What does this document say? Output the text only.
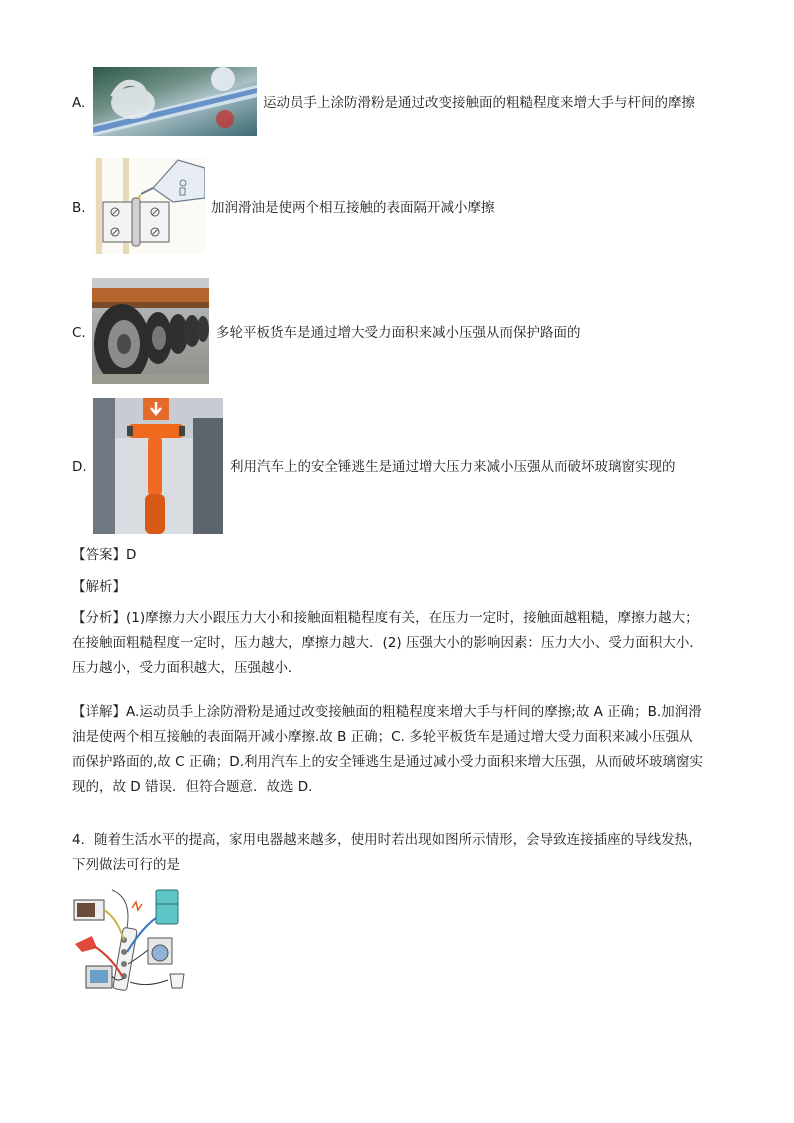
A.	运动员手上涂防滑粉是通过改变接触面的粗糙程度来增大手与杆间的摩擦
B.	加润滑油是使两个相互接触的表面隔开减小摩擦
C.	多轮平板货车是通过增大受力面积来减小压强从而保护路面的
D.	利用汽车上的安全锤逃生是通过增大压力来减小压强从而破坏玻璃窗实现的
【答案】D
【解析】
【分析】(1)摩擦力大小跟压力大小和接触面粗糙程度有关，在压力一定时，接触面越粗糙，摩擦力越大；
在接触面粗糙程度一定时，压力越大，摩擦力越大．(2) 压强大小的影响因素：压力大小、受力面积大小．
压力越小，受力面积越大，压强越小．
【详解】A.运动员手上涂防滑粉是通过改变接触面的粗糙程度来增大手与杆间的摩擦;故 A 正确；B.加润滑
油是使两个相互接触的表面隔开减小摩擦.故 B 正确；C. 多轮平板货车是通过增大受力面积来减小压强从
而保护路面的,故 C 正确；D.利用汽车上的安全锤逃生是通过减小受力面积来增大压强，从而破坏玻璃窗实
现的，故 D 错误．但符合题意．故选 D.
4．随着生活水平的提高，家用电器越来越多，使用时若出现如图所示情形，会导致连接插座的导线发热，
下列做法可行的是
